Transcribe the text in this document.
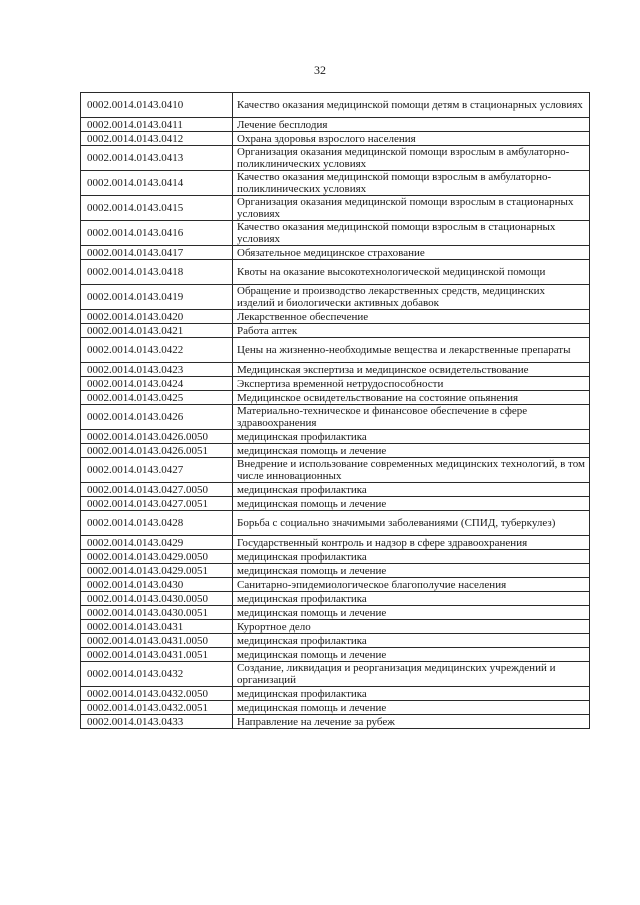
32
0002.0014.0143.0410	Качество оказания медицинской помощи детям в стационарных условиях
0002.0014.0143.0411	Лечение бесплодия
0002.0014.0143.0412	Охрана здоровья взрослого населения
0002.0014.0143.0413	Организация оказания медицинской помощи взрослым в амбулаторно-поликлинических условиях
0002.0014.0143.0414	Качество оказания медицинской помощи взрослым в амбулаторно-поликлинических условиях
0002.0014.0143.0415	Организация оказания медицинской помощи взрослым в стационарных условиях
0002.0014.0143.0416	Качество оказания медицинской помощи взрослым в стационарных условиях
0002.0014.0143.0417	Обязательное медицинское страхование
0002.0014.0143.0418	Квоты на оказание высокотехнологической медицинской помощи
0002.0014.0143.0419	Обращение и производство лекарственных средств, медицинских изделий и биологически активных добавок
0002.0014.0143.0420	Лекарственное обеспечение
0002.0014.0143.0421	Работа аптек
0002.0014.0143.0422	Цены на жизненно-необходимые вещества и лекарственные препараты
0002.0014.0143.0423	Медицинская экспертиза и медицинское освидетельствование
0002.0014.0143.0424	Экспертиза временной нетрудоспособности
0002.0014.0143.0425	Медицинское освидетельствование на состояние опьянения
0002.0014.0143.0426	Материально-техническое и финансовое обеспечение в сфере здравоохранения
0002.0014.0143.0426.0050	медицинская профилактика
0002.0014.0143.0426.0051	медицинская помощь и лечение
0002.0014.0143.0427	Внедрение и использование современных медицинских технологий, в том числе инновационных
0002.0014.0143.0427.0050	медицинская профилактика
0002.0014.0143.0427.0051	медицинская помощь и лечение
0002.0014.0143.0428	Борьба с социально значимыми заболеваниями (СПИД, туберкулез)
0002.0014.0143.0429	Государственный контроль и надзор в сфере здравоохранения
0002.0014.0143.0429.0050	медицинская профилактика
0002.0014.0143.0429.0051	медицинская помощь и лечение
0002.0014.0143.0430	Санитарно-эпидемиологическое благополучие населения
0002.0014.0143.0430.0050	медицинская профилактика
0002.0014.0143.0430.0051	медицинская помощь и лечение
0002.0014.0143.0431	Курортное дело
0002.0014.0143.0431.0050	медицинская профилактика
0002.0014.0143.0431.0051	медицинская помощь и лечение
0002.0014.0143.0432	Создание, ликвидация и реорганизация медицинских учреждений и организаций
0002.0014.0143.0432.0050	медицинская профилактика
0002.0014.0143.0432.0051	медицинская помощь и лечение
0002.0014.0143.0433	Направление на лечение за рубеж
